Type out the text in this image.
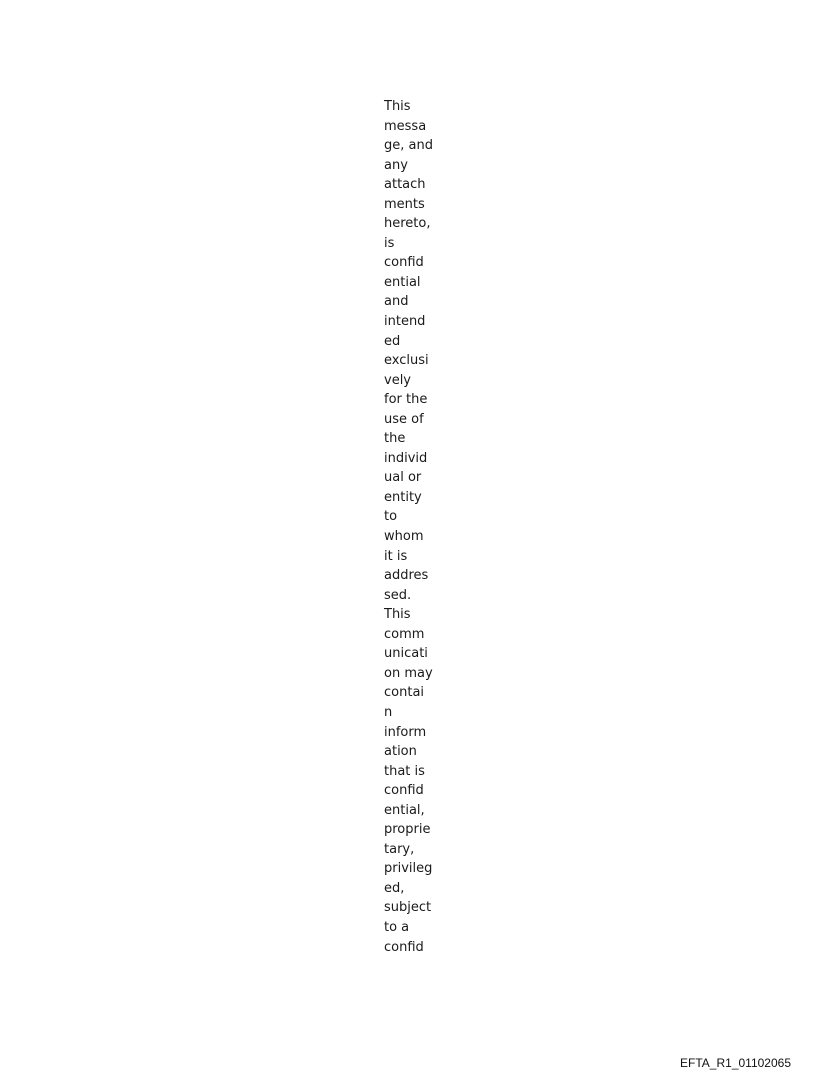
This
messa
ge, and
any
attach
ments
hereto,
is
confid
ential
and
intend
ed
exclusi
vely
for the
use of
the
individ
ual or
entity
to
whom
it is
addres
sed.
This
comm
unicati
on may
contai
n
inform
ation
that is
confid
ential,
proprie
tary,
privileg
ed,
subject
to a
confid
EFTA_R1_01102065
